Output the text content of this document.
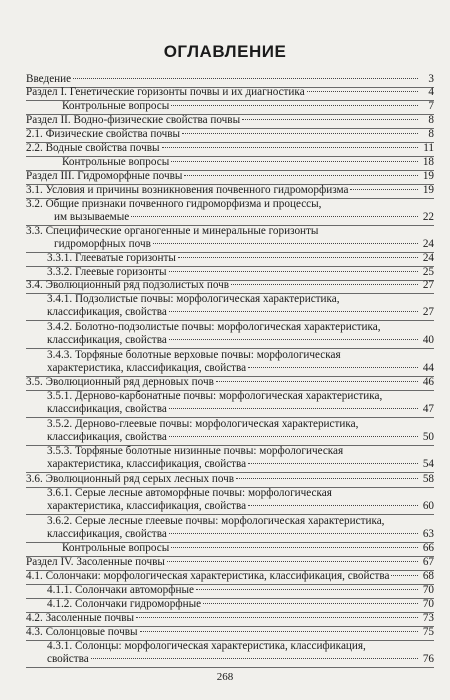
ОГЛАВЛЕНИЕ
Введение	3
Раздел I. Генетические горизонты почвы и их диагностика	4
Контрольные вопросы	7
Раздел II. Водно-физические свойства почвы	8
2.1. Физические свойства почвы	8
2.2. Водные свойства почвы	11
Контрольные вопросы	18
Раздел III. Гидроморфные почвы	19
3.1. Условия и причины возникновения почвенного гидроморфизма	19
3.2. Общие признаки почвенного гидроморфизма и процессы,
им вызываемые	22
3.3. Специфические органогенные и минеральные горизонты
гидроморфных почв	24
3.3.1. Глееватые горизонты	24
3.3.2. Глеевые горизонты	25
3.4. Эволюционный ряд подзолистых почв	27
3.4.1. Подзолистые почвы: морфологическая характеристика,
классификация, свойства	27
3.4.2. Болотно-подзолистые почвы: морфологическая характеристика,
классификация, свойства	40
3.4.3. Торфяные болотные верховые почвы: морфологическая
характеристика, классификация, свойства	44
3.5. Эволюционный ряд дерновых почв	46
3.5.1. Дерново-карбонатные почвы: морфологическая характеристика,
классификация, свойства	47
3.5.2. Дерново-глеевые почвы: морфологическая характеристика,
классификация, свойства	50
3.5.3. Торфяные болотные низинные почвы: морфологическая
характеристика, классификация, свойства	54
3.6. Эволюционный ряд серых лесных почв	58
3.6.1. Серые лесные автоморфные почвы: морфологическая
характеристика, классификация, свойства	60
3.6.2. Серые лесные глеевые почвы: морфологическая характеристика,
классификация, свойства	63
Контрольные вопросы	66
Раздел IV. Засоленные почвы	67
4.1. Солончаки: морфологическая характеристика, классификация, свойства	68
4.1.1. Солончаки автоморфные	70
4.1.2. Солончаки гидроморфные	70
4.2. Засоленные почвы	73
4.3. Солонцовые почвы	75
4.3.1. Солонцы: морфологическая характеристика, классификация,
свойства	76
268
